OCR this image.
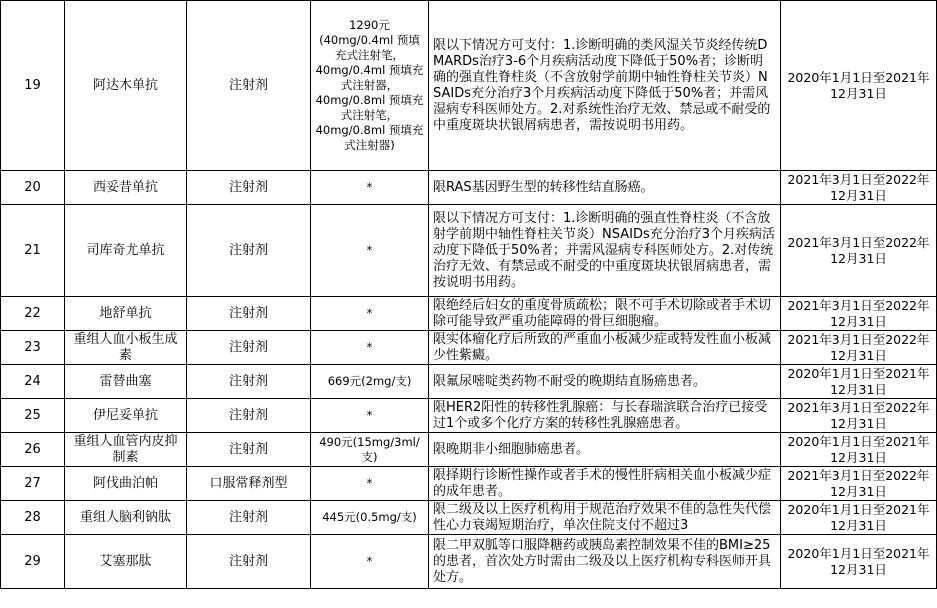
19	阿达木单抗	注射剂	1290元
(40mg/0.4ml 预填充式注射笔，
40mg/0.4ml 预填充式注射器，
40mg/0.8ml 预填充式注射笔，
40mg/0.8ml 预填充式注射器)	限以下情况方可支付：1.诊断明确的类风湿关节炎经传统DMARDs治疗3-6个月疾病活动度下降低于50%者；诊断明确的强直性脊柱炎（不含放射学前期中轴性脊柱关节炎）NSAIDs充分治疗3个月疾病活动度下降低于50%者；并需风湿病专科医师处方。2.对系统性治疗无效、禁忌或不耐受的中重度斑块状银屑病患者，需按说明书用药。	2020年1月1日至2021年12月31日
20	西妥昔单抗	注射剂	*	限RAS基因野生型的转移性结直肠癌。	2021年3月1日至2022年12月31日
21	司库奇尤单抗	注射剂	*	限以下情况方可支付：1.诊断明确的强直性脊柱炎（不含放射学前期中轴性脊柱关节炎）NSAIDs充分治疗3个月疾病活动度下降低于50%者；并需风湿病专科医师处方。2.对传统治疗无效、有禁忌或不耐受的中重度斑块状银屑病患者，需按说明书用药。	2021年3月1日至2022年12月31日
22	地舒单抗	注射剂	*	限绝经后妇女的重度骨质疏松；限不可手术切除或者手术切除可能导致严重功能障碍的骨巨细胞瘤。	2021年3月1日至2022年12月31日
23	重组人血小板生成素	注射剂	*	限实体瘤化疗后所致的严重血小板减少症或特发性血小板减少性紫癜。	2021年3月1日至2022年12月31日
24	雷替曲塞	注射剂	669元(2mg/支)	限氟尿嘧啶类药物不耐受的晚期结直肠癌患者。	2020年1月1日至2021年12月31日
25	伊尼妥单抗	注射剂	*	限HER2阳性的转移性乳腺癌：与长春瑞滨联合治疗已接受过1个或多个化疗方案的转移性乳腺癌患者。	2021年3月1日至2022年12月31日
26	重组人血管内皮抑制素	注射剂	490元(15mg/3ml/支)	限晚期非小细胞肺癌患者。	2020年1月1日至2021年12月31日
27	阿伐曲泊帕	口服常释剂型	*	限择期行诊断性操作或者手术的慢性肝病相关血小板减少症的成年患者。	2021年3月1日至2022年12月31日
28	重组人脑利钠肽	注射剂	445元(0.5mg/支)	限二级及以上医疗机构用于规范治疗效果不佳的急性失代偿性心力衰竭短期治疗，单次住院支付不超过3	2020年1月1日至2021年12月31日
29	艾塞那肽	注射剂	*	限二甲双胍等口服降糖药或胰岛素控制效果不佳的BMI≥25的患者，首次处方时需由二级及以上医疗机构专科医师开具处方。	2020年1月1日至2021年12月31日
